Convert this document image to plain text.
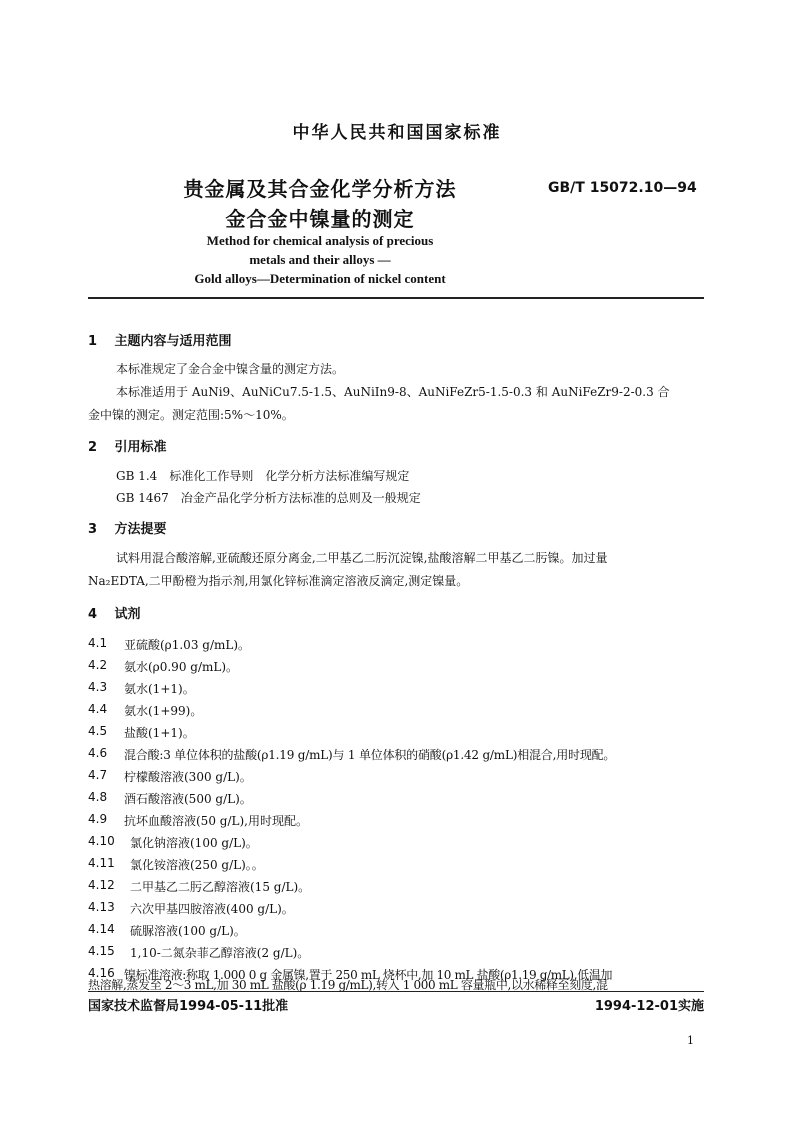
中华人民共和国国家标准
贵金属及其合金化学分析方法
金合金中镍量的测定
GB/T 15072.10—94
Method for chemical analysis of precious
metals and their alloys —
Gold alloys—Determination of nickel content
1 主题内容与适用范围
本标准规定了金合金中镍含量的测定方法。
本标准适用于 AuNi9、AuNiCu7.5-1.5、AuNiIn9-8、AuNiFeZr5-1.5-0.3 和 AuNiFeZr9-2-0.3 合
金中镍的测定。测定范围:5%～10%。
2 引用标准
GB 1.4　 标准化工作导则　化学分析方法标准编写规定
GB 1467　 冶金产品化学分析方法标准的总则及一般规定
3 方法提要
试料用混合酸溶解,亚硫酸还原分离金,二甲基乙二肟沉淀镍,盐酸溶解二甲基乙二肟镍。加过量
Na₂EDTA,二甲酚橙为指示剂,用氯化锌标准滴定溶液反滴定,测定镍量。
4 试剂
4.1 亚硫酸(ρ1.03 g/mL)。
4.2 氨水(ρ0.90 g/mL)。
4.3 氨水(1+1)。
4.4 氨水(1+99)。
4.5 盐酸(1+1)。
4.6 混合酸:3 单位体积的盐酸(ρ1.19 g/mL)与 1 单位体积的硝酸(ρ1.42 g/mL)相混合,用时现配。
4.7 柠檬酸溶液(300 g/L)。
4.8 酒石酸溶液(500 g/L)。
4.9 抗坏血酸溶液(50 g/L),用时现配。
4.10 氯化钠溶液(100 g/L)。
4.11 氯化铵溶液(250 g/L)。。
4.12 二甲基乙二肟乙醇溶液(15 g/L)。
4.13 六次甲基四胺溶液(400 g/L)。
4.14 硫脲溶液(100 g/L)。
4.15 1,10-二氮杂菲乙醇溶液(2 g/L)。
4.16 镍标准溶液:称取 1.000 0 g 金属镍,置于 250 mL 烧杯中,加 10 mL 盐酸(ρ1.19 g/mL),低温加
热溶解,蒸发至 2～3 mL,加 30 mL 盐酸(ρ 1.19 g/mL),转入 1 000 mL 容量瓶中,以水稀释至刻度,混
国家技术监督局1994-05-11批准	1994-12-01实施
1
